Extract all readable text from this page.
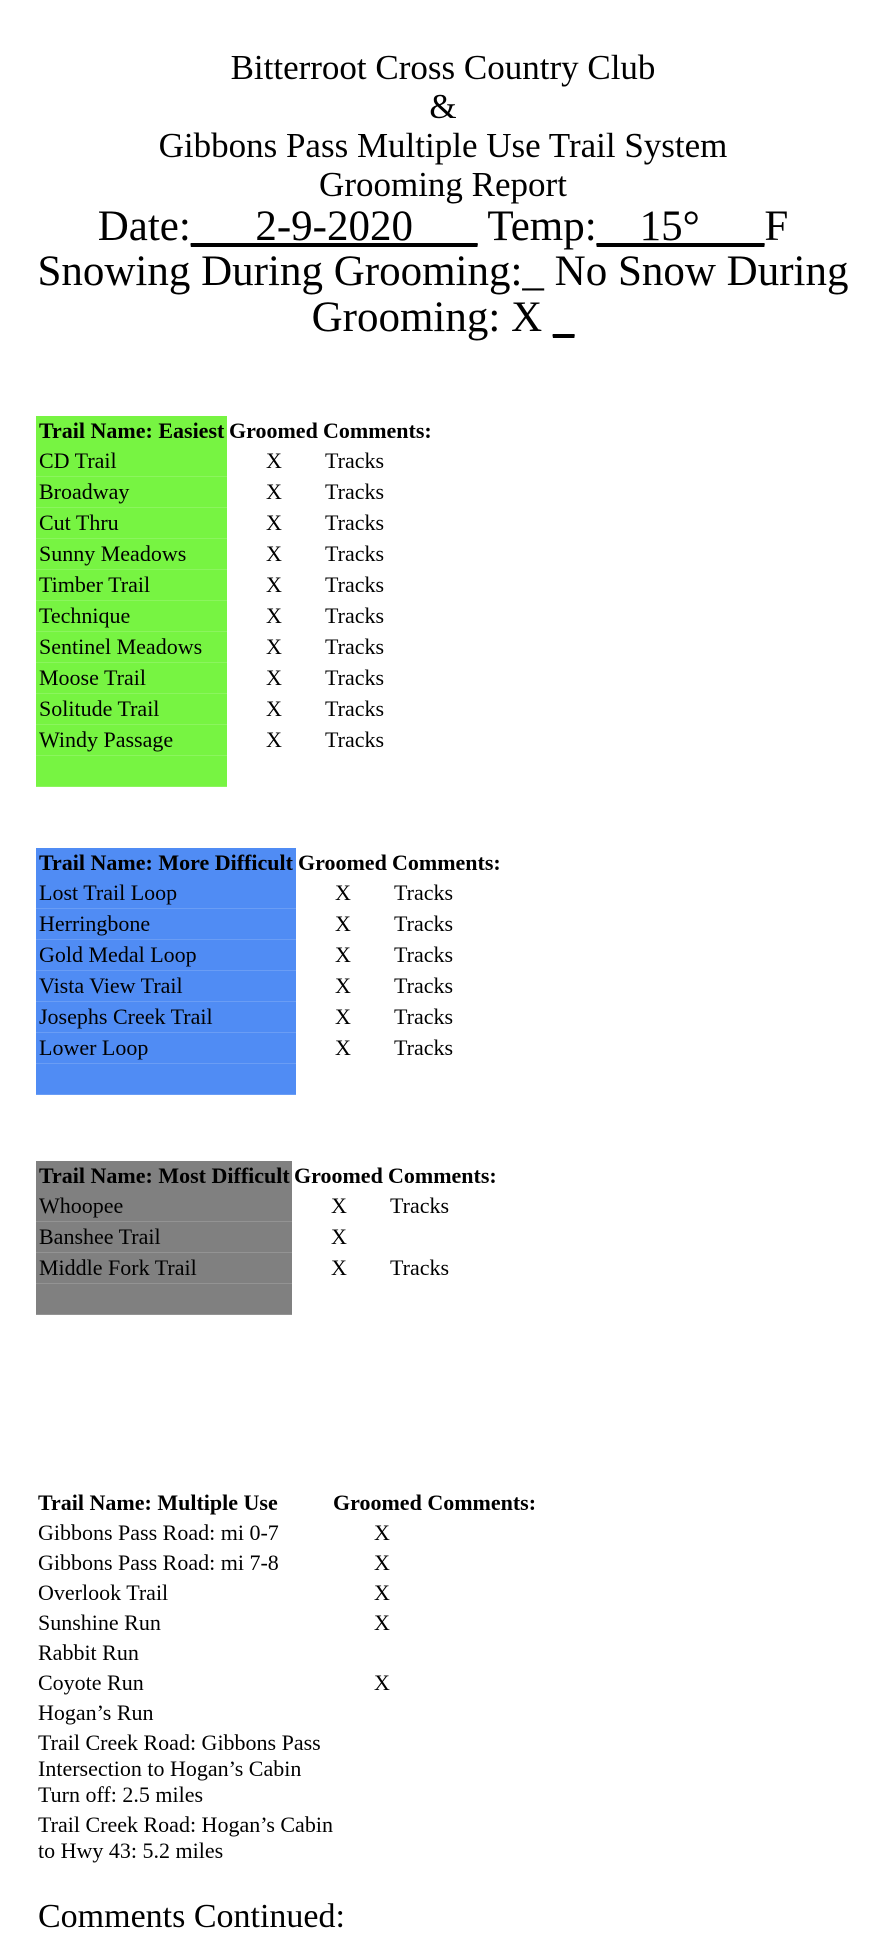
Bitterroot Cross Country Club
&
Gibbons Pass Multiple Use Trail System
Grooming Report
Date:___2-9-2020___ Temp:__15°___F
Snowing During Grooming:_ No Snow During
Grooming: X _
Trail Name: Easiest	Groomed	Comments:
CD Trail	X	Tracks
Broadway	X	Tracks
Cut Thru	X	Tracks
Sunny Meadows	X	Tracks
Timber Trail	X	Tracks
Technique	X	Tracks
Sentinel Meadows	X	Tracks
Moose Trail	X	Tracks
Solitude Trail	X	Tracks
Windy Passage	X	Tracks

Trail Name: More Difficult	Groomed	Comments:
Lost Trail Loop	X	Tracks
Herringbone	X	Tracks
Gold Medal Loop	X	Tracks
Vista View Trail	X	Tracks
Josephs Creek Trail	X	Tracks
Lower Loop	X	Tracks

Trail Name: Most Difficult	Groomed	Comments:
Whoopee	X	Tracks
Banshee Trail	X	
Middle Fork Trail	X	Tracks

Trail Name: Multiple Use	Groomed Comments:
Gibbons Pass Road: mi 0-7	X
Gibbons Pass Road: mi 7-8	X
Overlook Trail	X
Sunshine Run	X
Rabbit Run
Coyote Run	X
Hogan’s Run
Trail Creek Road: Gibbons Pass Intersection to Hogan’s Cabin Turn off: 2.5 miles
Trail Creek Road: Hogan’s Cabin to Hwy 43: 5.2 miles
Comments Continued:
